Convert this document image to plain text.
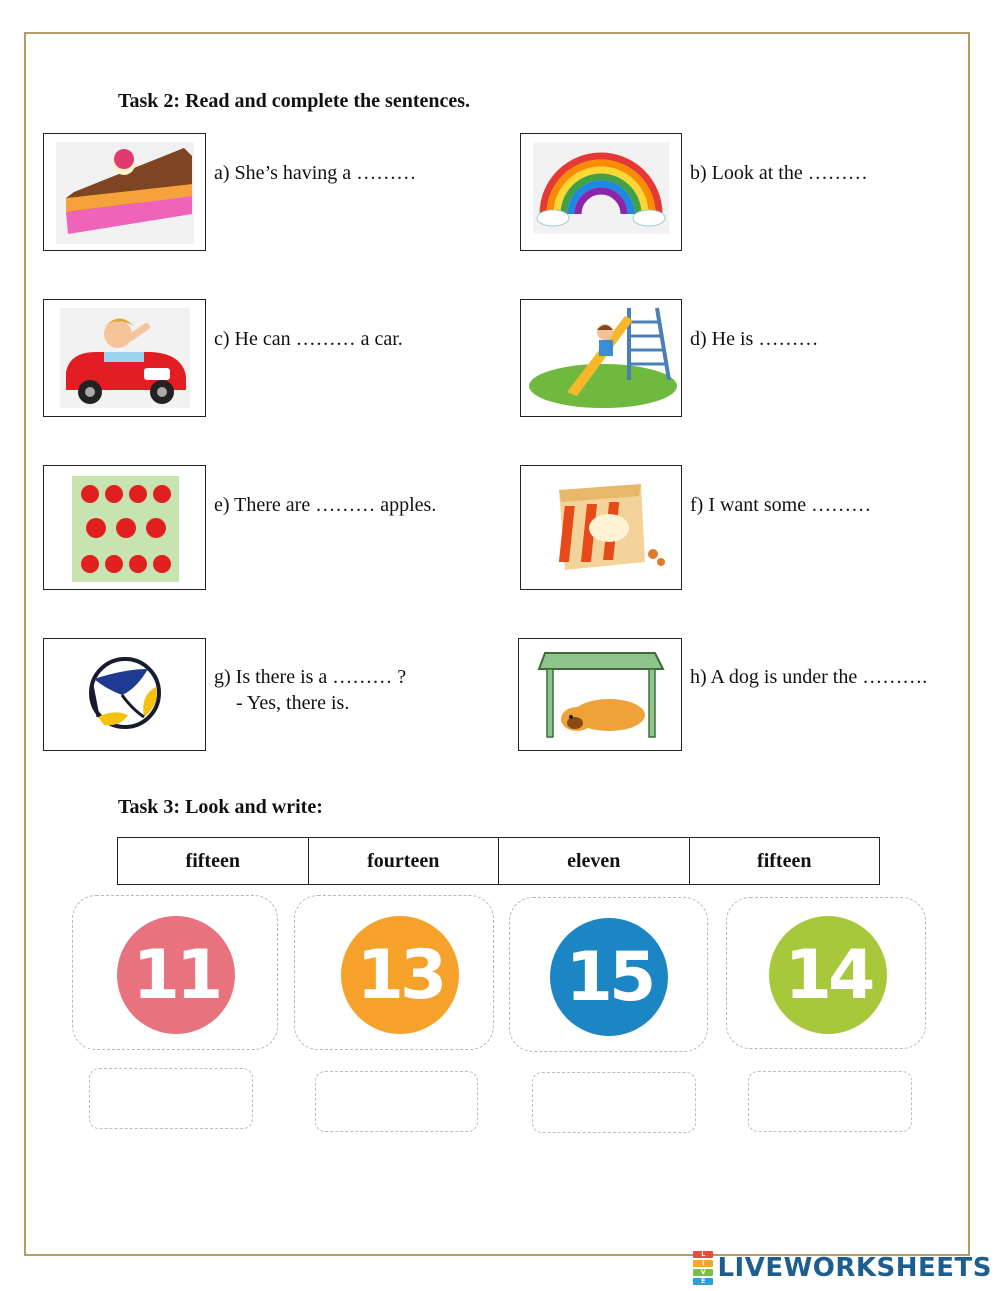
Task 2: Read and complete the sentences.
a) She’s having a ………	b) Look at the ………
c) He can ……… a car.	d) He is ………
e) There are ……… apples.	f) I want some ………
g) Is there is a ……… ?
- Yes, there is.
h) A dog is under the ……….
Task 3: Look and write:
fifteen	fourteen	eleven	fifteen
11 13 15 14
L
I
V
E LIVEWORKSHEETS
